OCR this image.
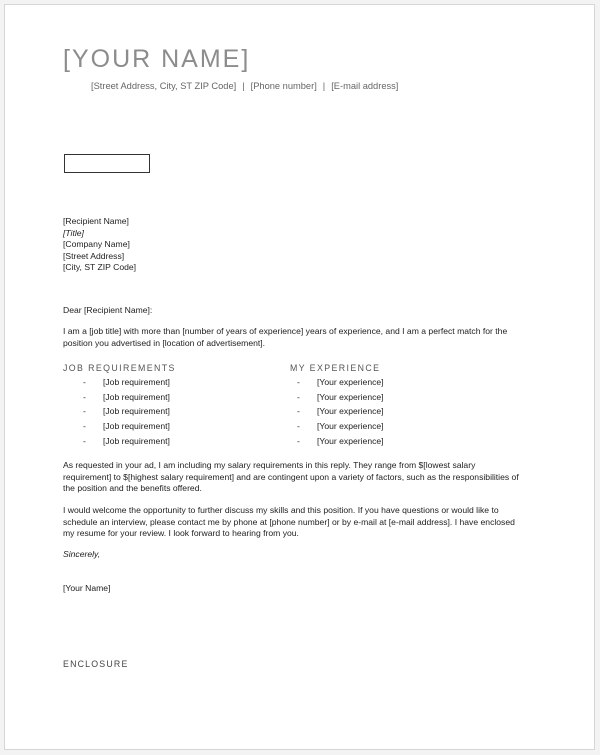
[YOUR NAME]
[Street Address, City, ST ZIP Code] | [Phone number] | [E-mail address]
[Recipient Name]
[Title]
[Company Name]
[Street Address]
[City, ST ZIP Code]
Dear [Recipient Name]:
I am a [job title] with more than [number of years of experience] years of experience, and I am a perfect match for the position you advertised in [location of advertisement].
JOB REQUIREMENTS	MY EXPERIENCE
- [Job requirement]
- [Job requirement]
- [Job requirement]
- [Job requirement]
- [Job requirement]
- [Your experience]
- [Your experience]
- [Your experience]
- [Your experience]
- [Your experience]
As requested in your ad, I am including my salary requirements in this reply. They range from $[lowest salary requirement] to $[highest salary requirement] and are contingent upon a variety of factors, such as the responsibilities of the position and the benefits offered.
I would welcome the opportunity to further discuss my skills and this position. If you have questions or would like to schedule an interview, please contact me by phone at [phone number] or by e-mail at [e-mail address]. I have enclosed my resume for your review. I look forward to hearing from you.
Sincerely,
[Your Name]
ENCLOSURE
